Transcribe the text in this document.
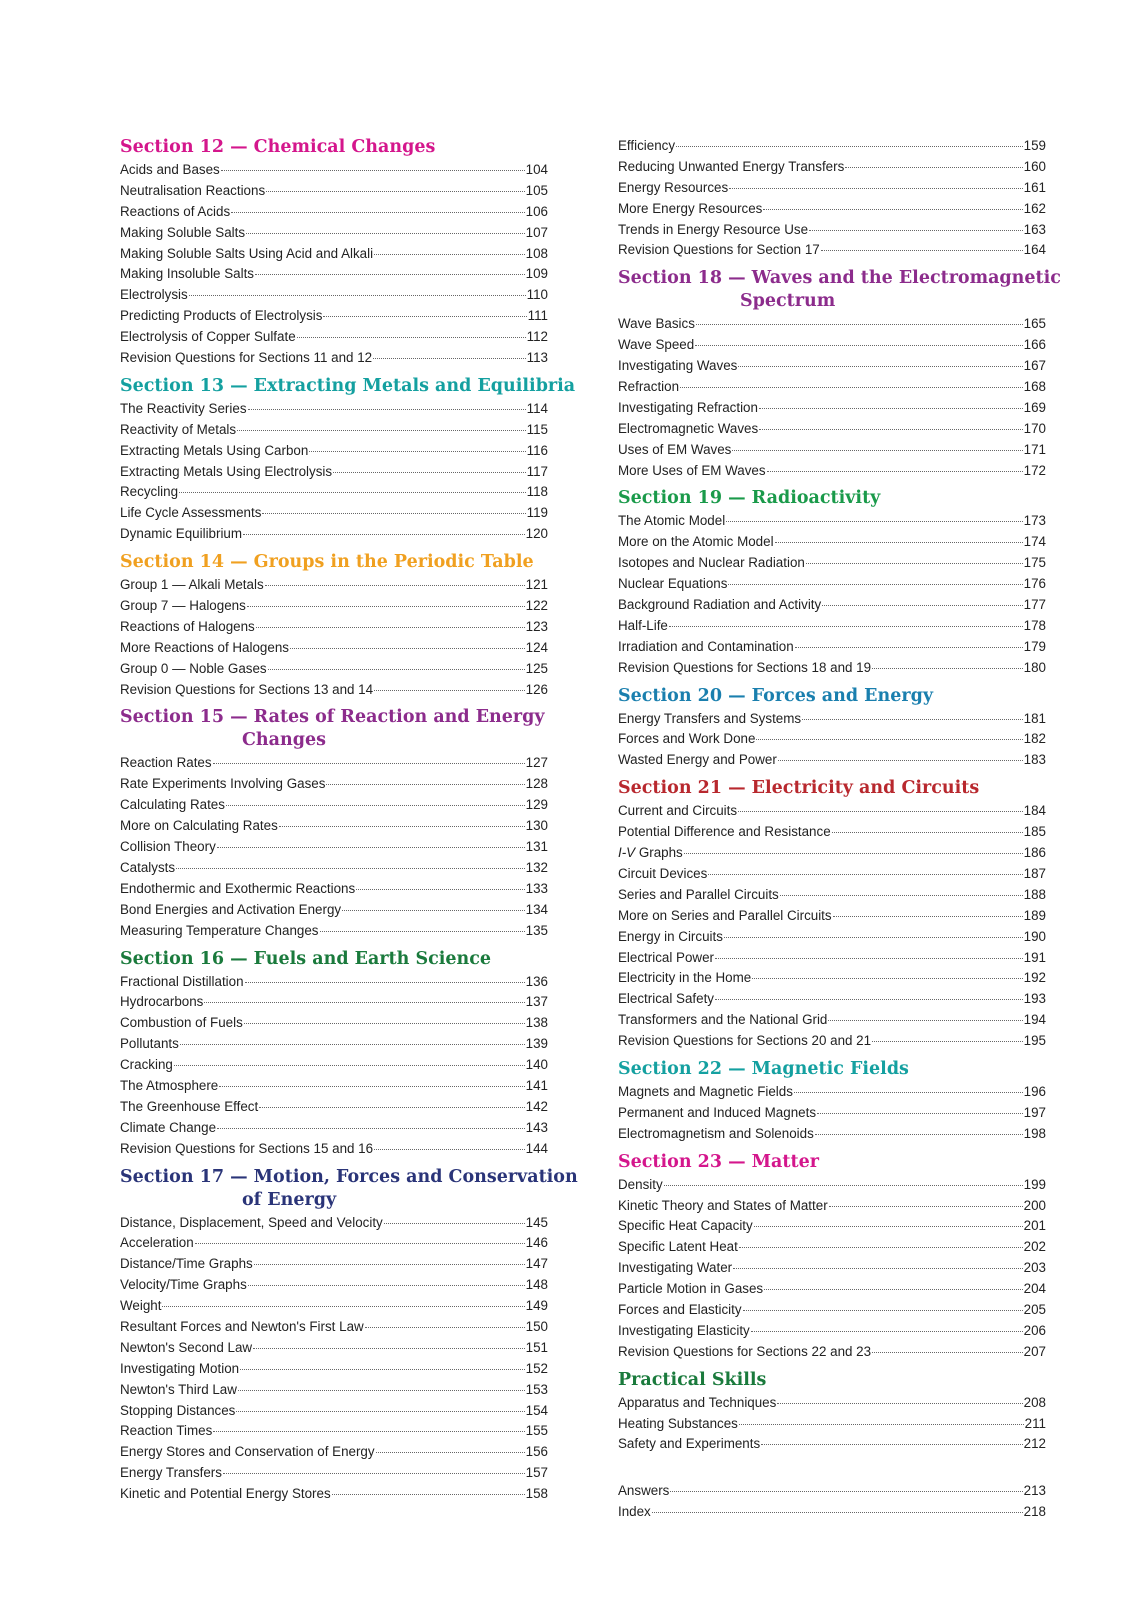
Section 12 — Chemical Changes
Acids and Bases	104
Neutralisation Reactions	105
Reactions of Acids	106
Making Soluble Salts	107
Making Soluble Salts Using Acid and Alkali	108
Making Insoluble Salts	109
Electrolysis	110
Predicting Products of Electrolysis	111
Electrolysis of Copper Sulfate	112
Revision Questions for Sections 11 and 12	113
Section 13 — Extracting Metals and Equilibria
The Reactivity Series	114
Reactivity of Metals	115
Extracting Metals Using Carbon	116
Extracting Metals Using Electrolysis	117
Recycling	118
Life Cycle Assessments	119
Dynamic Equilibrium	120
Section 14 — Groups in the Periodic Table
Group 1 — Alkali Metals	121
Group 7 — Halogens	122
Reactions of Halogens	123
More Reactions of Halogens	124
Group 0 — Noble Gases	125
Revision Questions for Sections 13 and 14	126
Section 15 — Rates of Reaction and Energy
Changes
Reaction Rates	127
Rate Experiments Involving Gases	128
Calculating Rates	129
More on Calculating Rates	130
Collision Theory	131
Catalysts	132
Endothermic and Exothermic Reactions	133
Bond Energies and Activation Energy	134
Measuring Temperature Changes	135
Section 16 — Fuels and Earth Science
Fractional Distillation	136
Hydrocarbons	137
Combustion of Fuels	138
Pollutants	139
Cracking	140
The Atmosphere	141
The Greenhouse Effect	142
Climate Change	143
Revision Questions for Sections 15 and 16	144
Section 17 — Motion, Forces and Conservation
of Energy
Distance, Displacement, Speed and Velocity	145
Acceleration	146
Distance/Time Graphs	147
Velocity/Time Graphs	148
Weight	149
Resultant Forces and Newton's First Law	150
Newton's Second Law	151
Investigating Motion	152
Newton's Third Law	153
Stopping Distances	154
Reaction Times	155
Energy Stores and Conservation of Energy	156
Energy Transfers	157
Kinetic and Potential Energy Stores	158
Efficiency	159
Reducing Unwanted Energy Transfers	160
Energy Resources	161
More Energy Resources	162
Trends in Energy Resource Use	163
Revision Questions for Section 17	164
Section 18 — Waves and the Electromagnetic
Spectrum
Wave Basics	165
Wave Speed	166
Investigating Waves	167
Refraction	168
Investigating Refraction	169
Electromagnetic Waves	170
Uses of EM Waves	171
More Uses of EM Waves	172
Section 19 — Radioactivity
The Atomic Model	173
More on the Atomic Model	174
Isotopes and Nuclear Radiation	175
Nuclear Equations	176
Background Radiation and Activity	177
Half-Life	178
Irradiation and Contamination	179
Revision Questions for Sections 18 and 19	180
Section 20 — Forces and Energy
Energy Transfers and Systems	181
Forces and Work Done	182
Wasted Energy and Power	183
Section 21 — Electricity and Circuits
Current and Circuits	184
Potential Difference and Resistance	185
I-V Graphs	186
Circuit Devices	187
Series and Parallel Circuits	188
More on Series and Parallel Circuits	189
Energy in Circuits	190
Electrical Power	191
Electricity in the Home	192
Electrical Safety	193
Transformers and the National Grid	194
Revision Questions for Sections 20 and 21	195
Section 22 — Magnetic Fields
Magnets and Magnetic Fields	196
Permanent and Induced Magnets	197
Electromagnetism and Solenoids	198
Section 23 — Matter
Density	199
Kinetic Theory and States of Matter	200
Specific Heat Capacity	201
Specific Latent Heat	202
Investigating Water	203
Particle Motion in Gases	204
Forces and Elasticity	205
Investigating Elasticity	206
Revision Questions for Sections 22 and 23	207
Practical Skills
Apparatus and Techniques	208
Heating Substances	211
Safety and Experiments	212
Answers	213
Index	218
